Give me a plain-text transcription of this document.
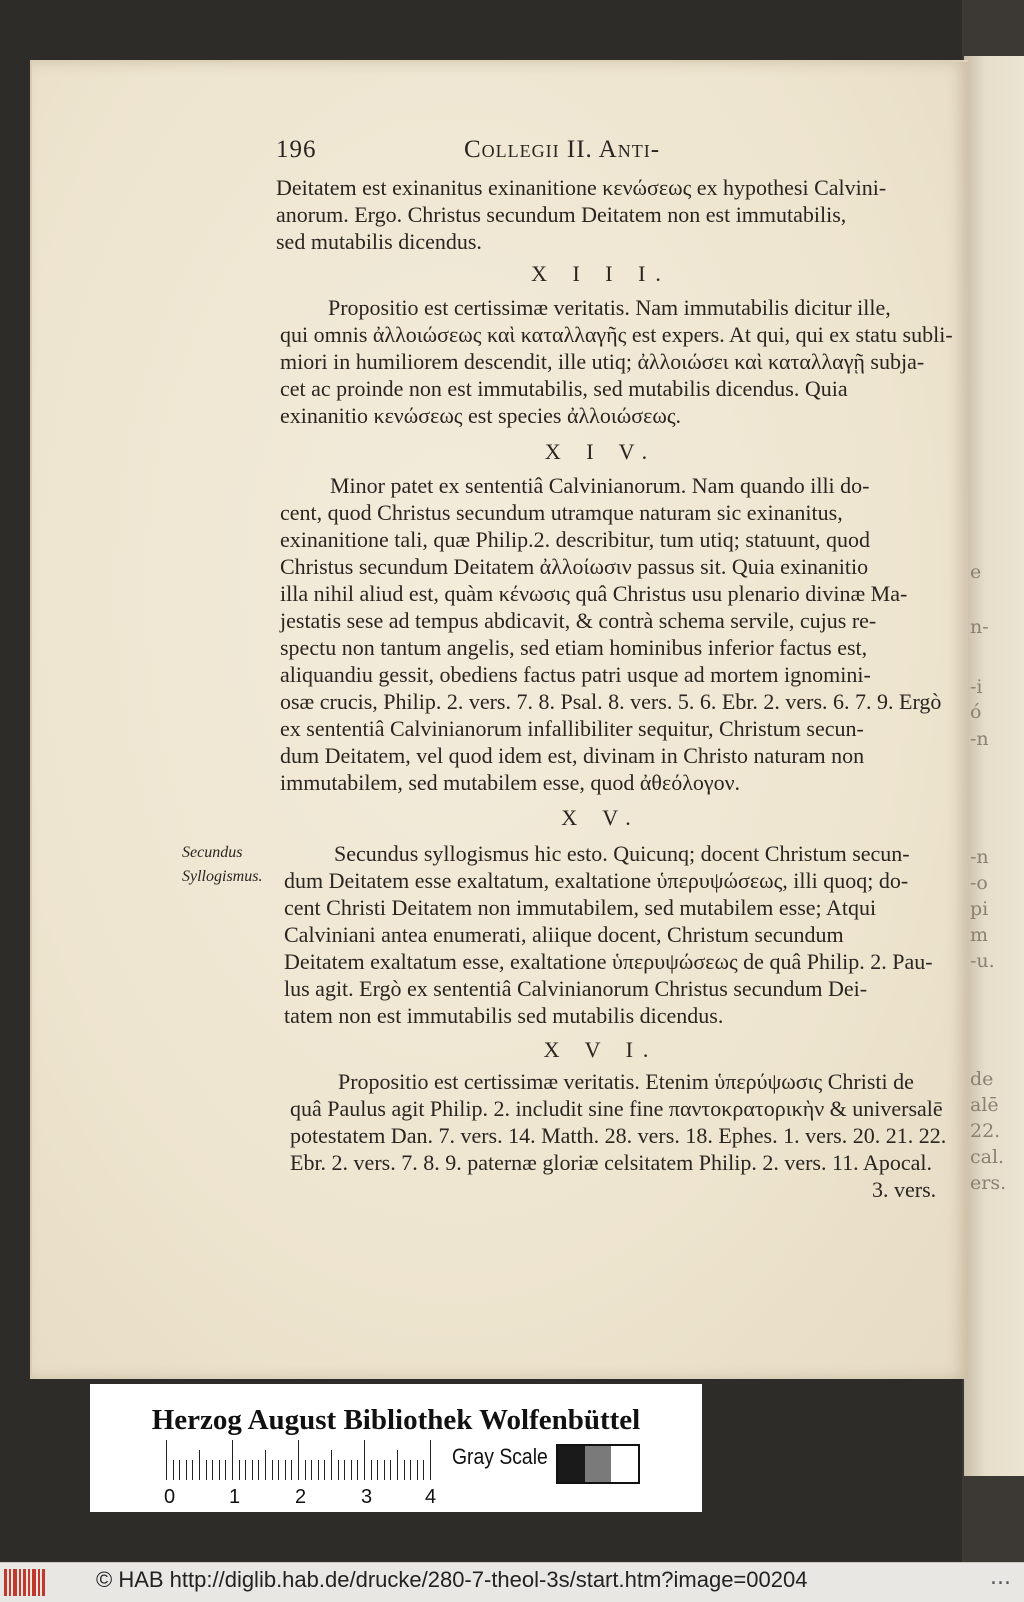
-n
-o
pi
m
-u.
n-
-i
ó
-n
e
de
alē
22.
cal.
ers.
196	Collegii II. Anti-
Deitatem est exinanitus exinanitione κενώσεως ex hypothesi Calvini-
anorum. Ergo. Christus secundum Deitatem non est immutabilis,
sed mutabilis dicendus.
X I I I.
Propositio est certissimæ veritatis. Nam immutabilis dicitur ille,
qui omnis ἀλλοιώσεως καὶ καταλλαγῆς est expers. At qui, qui ex statu subli-
miori in humiliorem descendit, ille utiq; ἀλλοιώσει καὶ καταλλαγῇ subja-
cet ac proinde non est immutabilis, sed mutabilis dicendus. Quia
exinanitio κενώσεως est species ἀλλοιώσεως.
X I V.
Minor patet ex sententiâ Calvinianorum. Nam quando illi do-
cent, quod Christus secundum utramque naturam sic exinanitus,
exinanitione tali, quæ Philip.2. describitur, tum utiq; statuunt, quod
Christus secundum Deitatem ἀλλοίωσιν passus sit. Quia exinanitio
illa nihil aliud est, quàm κένωσις quâ Christus usu plenario divinæ Ma-
jestatis sese ad tempus abdicavit, & contrà schema servile, cujus re-
spectu non tantum angelis, sed etiam hominibus inferior factus est,
aliquandiu gessit, obediens factus patri usque ad mortem ignomini-
osæ crucis, Philip. 2. vers. 7. 8. Psal. 8. vers. 5. 6. Ebr. 2. vers. 6. 7. 9. Ergò
ex sententiâ Calvinianorum infallibiliter sequitur, Christum secun-
dum Deitatem, vel quod idem est, divinam in Christo naturam non
immutabilem, sed mutabilem esse, quod ἀθεόλογον.
X V.
Secundus
Syllogismus.
Secundus syllogismus hic esto. Quicunq; docent Christum secun-
dum Deitatem esse exaltatum, exaltatione ὑπερυψώσεως, illi quoq; do-
cent Christi Deitatem non immutabilem, sed mutabilem esse; Atqui
Calviniani antea enumerati, aliique docent, Christum secundum
Deitatem exaltatum esse, exaltatione ὑπερυψώσεως de quâ Philip. 2. Pau-
lus agit. Ergò ex sententiâ Calvinianorum Christus secundum Dei-
tatem non est immutabilis sed mutabilis dicendus.
X V I.
Propositio est certissimæ veritatis. Etenim ὑπερύψωσις Christi de
quâ Paulus agit Philip. 2. includit sine fine παντοκρατορικὴν & universalē
potestatem Dan. 7. vers. 14. Matth. 28. vers. 18. Ephes. 1. vers. 20. 21. 22.
Ebr. 2. vers. 7. 8. 9. paternæ gloriæ celsitatem Philip. 2. vers. 11. Apocal.
3. vers.
Herzog August Bibliothek Wolfenbüttel
0	1	2	3	4
Gray Scale
© HAB http://diglib.hab.de/drucke/280-7-theol-3s/start.htm?image=00204	...
